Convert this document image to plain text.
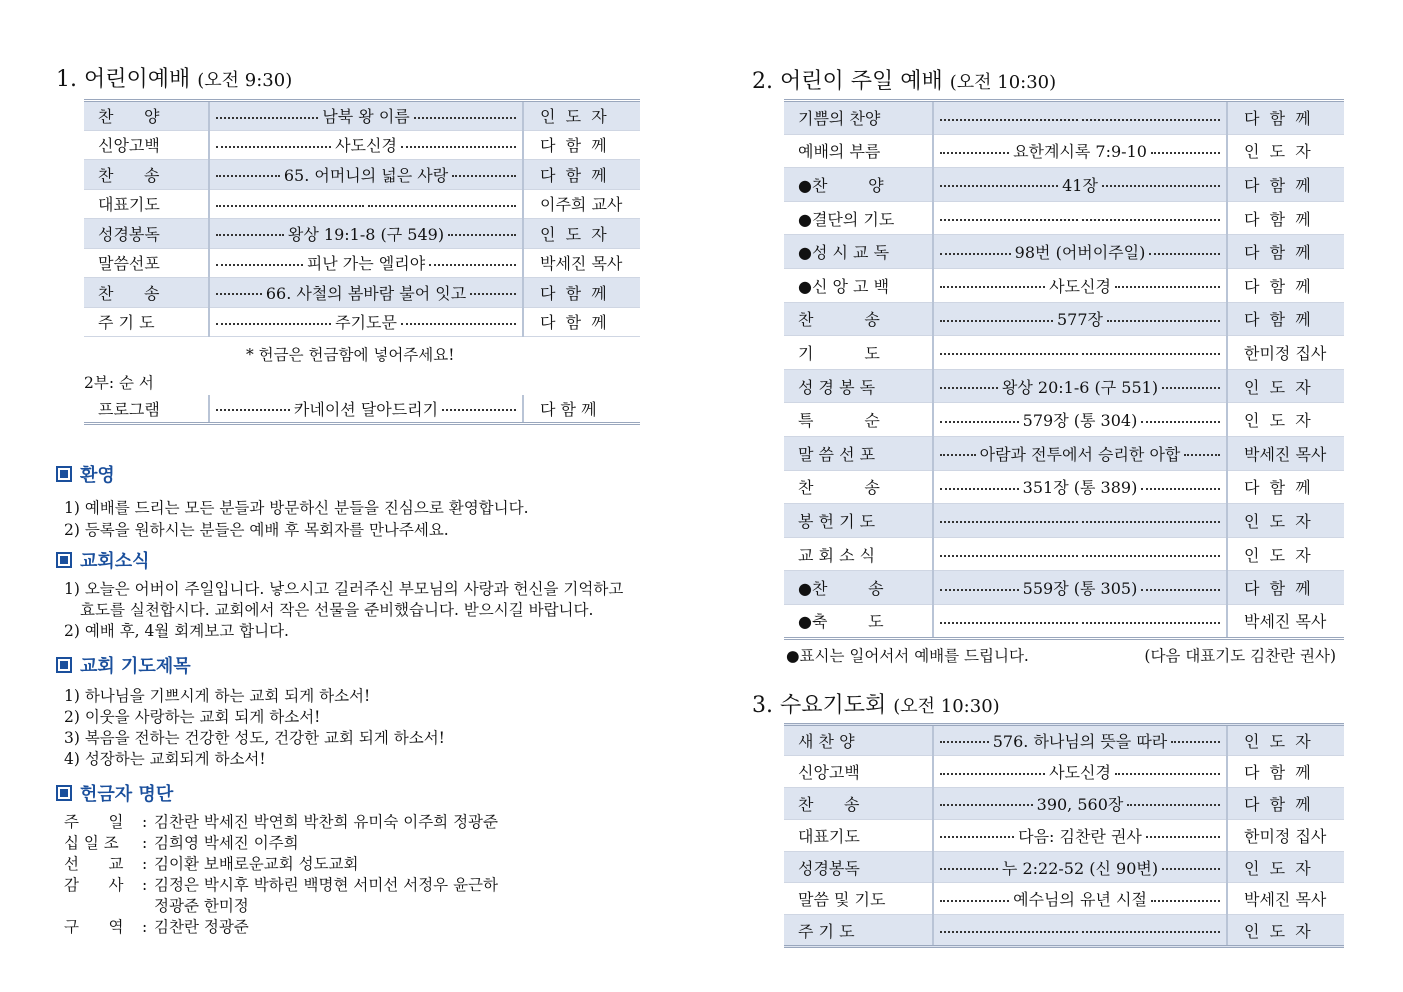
1. 어린이예배 (오전 9:30)

찬      양	남북 왕 이름	인  도  자
신앙고백	사도신경	다  함  께
찬      송	65. 어머니의 넓은 사랑	다  함  께
대표기도		이주희 교사
성경봉독	왕상 19:1-8 (구 549)	인  도  자
말씀선포	피난 가는 엘리야	박세진 목사
찬      송	66. 사철의 봄바람 불어 잇고	다  함  께
주 기 도	주기도문	다  함  께

* 헌금은 헌금함에 넣어주세요!

2부: 순 서

프로그램	카네이션 달아드리기	다 함 께

환영

1) 예배를 드리는 모든 분들과 방문하신 분들을 진심으로 환영합니다.

2) 등록을 원하시는 분들은 예배 후 목회자를 만나주세요.

교회소식

1) 오늘은 어버이 주일입니다. 낳으시고 길러주신 부모님의 사랑과 헌신을 기억하고

효도를 실천합시다. 교회에서 작은 선물을 준비했습니다. 받으시길 바랍니다.

2) 예배 후, 4월 회계보고 합니다.

교회 기도제목

1) 하나님을 기쁘시게 하는 교회 되게 하소서!

2) 이웃을 사랑하는 교회 되게 하소서!

3) 복음을 전하는 건강한 성도, 건강한 교회 되게 하소서!

4) 성장하는 교회되게 하소서!

헌금자 명단

주      일	: 김찬란 박세진 박연희 박찬희 유미숙 이주희 정광준
십 일 조	: 김희영 박세진 이주희
선      교	: 김이환 보배로운교회 성도교회
감      사	: 김정은 박시후 박하린 백명현 서미선 서정우 윤근하
정광준 한미정
구      역	: 김찬란 정광준

2. 어린이 주일 예배 (오전 10:30)

기쁨의 찬양		다  함  께
예배의 부름	요한계시록 7:9-10	인  도  자
●찬        양	41장	다  함  께
●결단의 기도		다  함  께
●성 시 교 독	98번 (어버이주일)	다  함  께
●신 앙 고 백	사도신경	다  함  께
찬          송	577장	다  함  께
기          도		한미정 집사
성 경 봉 독	왕상 20:1-6 (구 551)	인  도  자
특          순	579장 (통 304)	인  도  자
말 씀 선 포	아람과 전투에서 승리한 아합	박세진 목사
찬          송	351장 (통 389)	다  함  께
봉 헌 기 도		인  도  자
교 회 소 식		인  도  자
●찬        송	559장 (통 305)	다  함  께
●축        도		박세진 목사
●표시는 일어서서 예배를 드립니다.	(다음 대표기도 김찬란 권사)

3. 수요기도회 (오전 10:30)

새 찬 양	576. 하나님의 뜻을 따라	인  도  자
신앙고백	사도신경	다  함  께
찬      송	390, 560장	다  함  께
대표기도	다음: 김찬란 권사	한미정 집사
성경봉독	누 2:22-52 (신 90변)	인  도  자
말씀 및 기도	예수님의 유년 시절	박세진 목사
주 기 도		인  도  자
